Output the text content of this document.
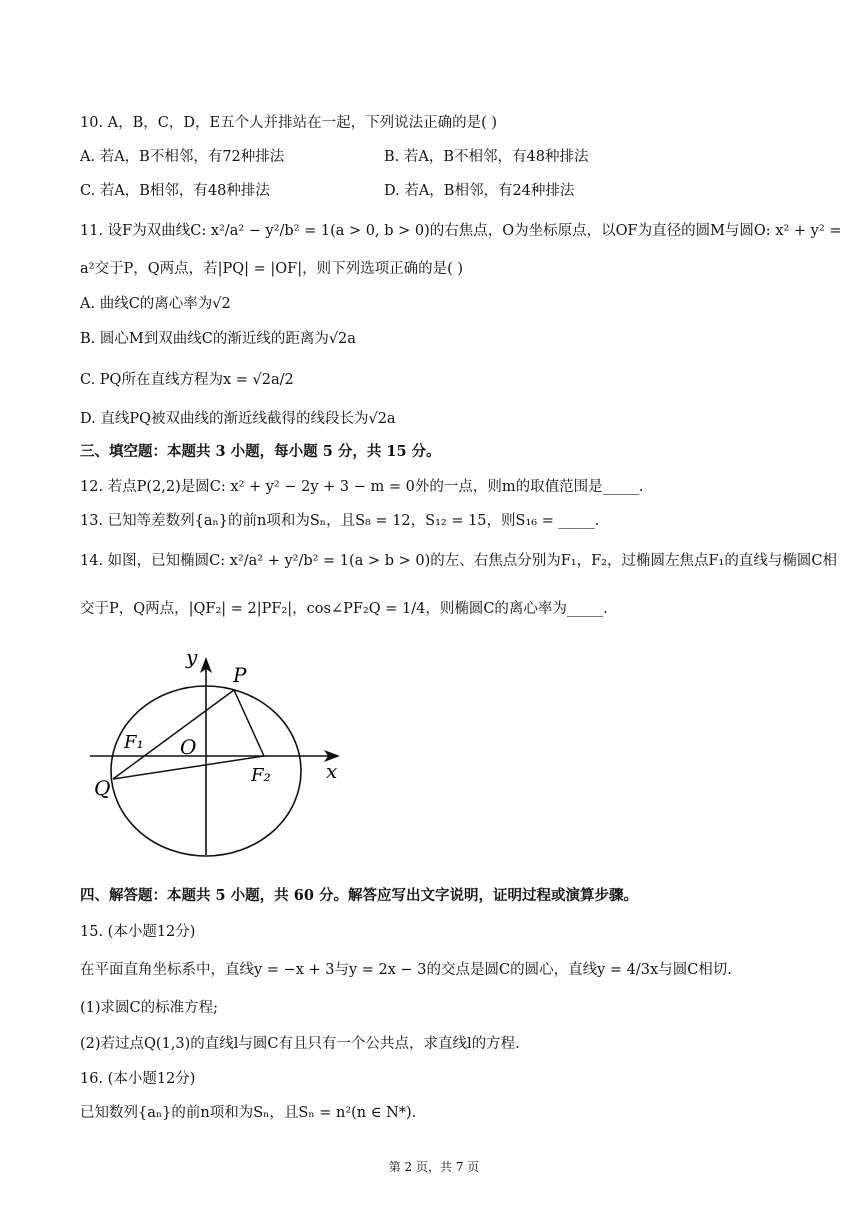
10. A，B，C，D，E五个人并排站在一起，下列说法正确的是( )
A. 若A，B不相邻，有72种排法	B. 若A，B不相邻，有48种排法
C. 若A，B相邻，有48种排法	D. 若A，B相邻，有24种排法
11. 设F为双曲线C: x²/a² − y²/b² = 1(a > 0, b > 0)的右焦点，O为坐标原点，以OF为直径的圆M与圆O: x² + y² =
a²交于P，Q两点，若|PQ| = |OF|，则下列选项正确的是( )
A. 曲线C的离心率为√2
B. 圆心M到双曲线C的渐近线的距离为√2a
C. PQ所在直线方程为x = √2a/2
D. 直线PQ被双曲线的渐近线截得的线段长为√2a
三、填空题：本题共 3 小题，每小题 5 分，共 15 分。
12. 若点P(2,2)是圆C: x² + y² − 2y + 3 − m = 0外的一点，则m的取值范围是_____.
13. 已知等差数列{aₙ}的前n项和为Sₙ，且S₈ = 12，S₁₂ = 15，则S₁₆ = _____.
14. 如图，已知椭圆C: x²/a² + y²/b² = 1(a > b > 0)的左、右焦点分别为F₁，F₂，过椭圆左焦点F₁的直线与椭圆C相
交于P，Q两点，|QF₂| = 2|PF₂|，cos∠PF₂Q = 1/4，则椭圆C的离心率为_____.
y
x
P
Q
O
F₁
F₂
四、解答题：本题共 5 小题，共 60 分。解答应写出文字说明，证明过程或演算步骤。
15. (本小题12分)
在平面直角坐标系中，直线y = −x + 3与y = 2x − 3的交点是圆C的圆心，直线y = 4/3x与圆C相切.
(1)求圆C的标准方程;
(2)若过点Q(1,3)的直线l与圆C有且只有一个公共点，求直线l的方程.
16. (本小题12分)
已知数列{aₙ}的前n项和为Sₙ，且Sₙ = n²(n ∈ N*).
第 2 页，共 7 页
